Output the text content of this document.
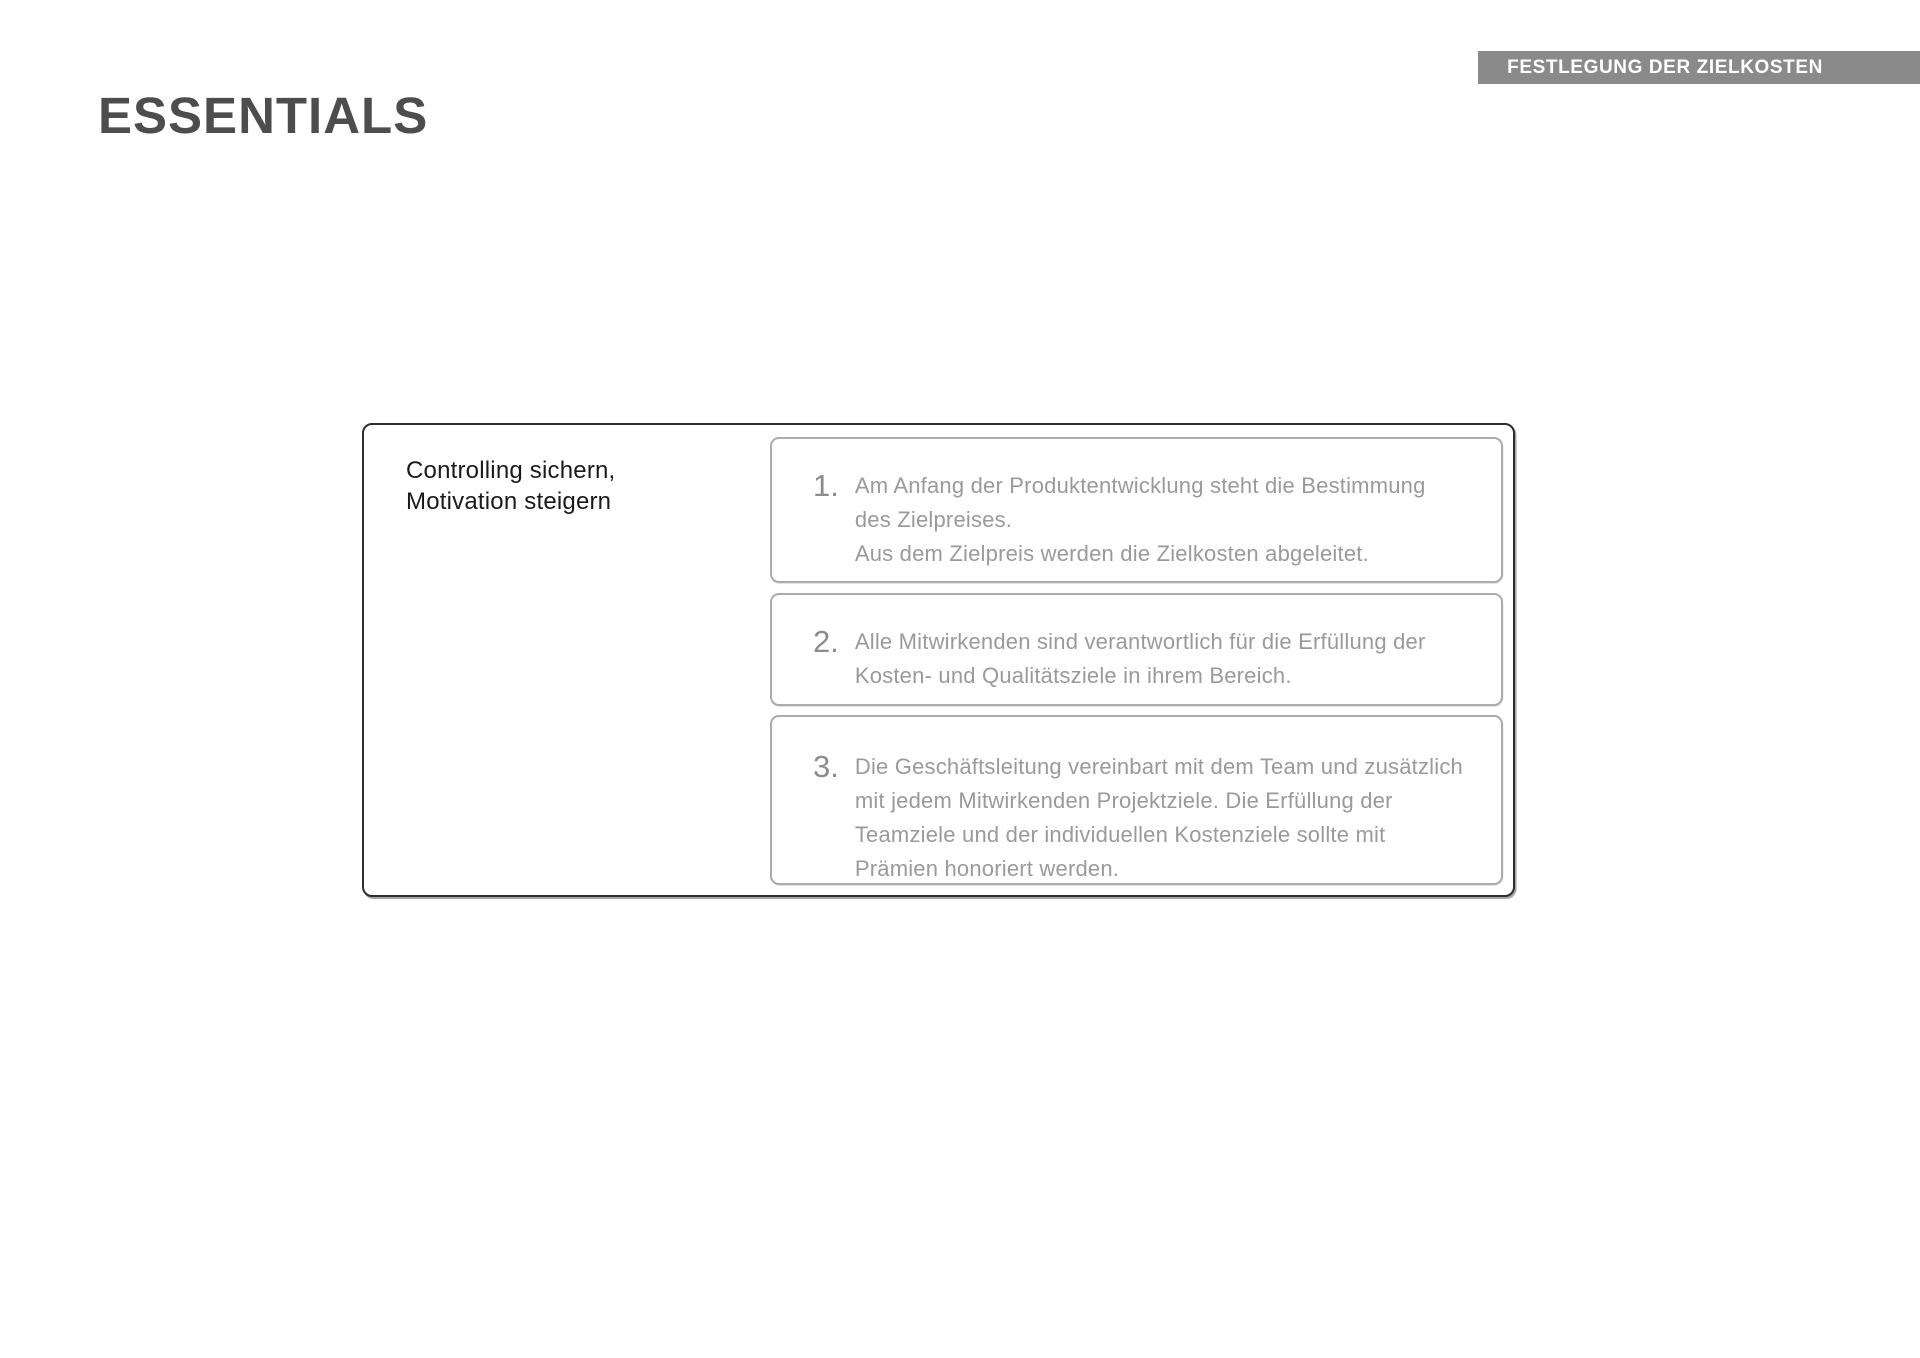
ESSENTIALS
FESTLEGUNG DER ZIELKOSTEN
Controlling sichern,
Motivation steigern	1. Am Anfang der Produktentwicklung steht die Bestimmung
des Zielpreises.
Aus dem Zielpreis werden die Zielkosten abgeleitet.
2. Alle Mitwirkenden sind verantwortlich für die Erfüllung der
Kosten- und Qualitätsziele in ihrem Bereich.
3. Die Geschäftsleitung vereinbart mit dem Team und zusätzlich
mit jedem Mitwirkenden Projektziele. Die Erfüllung der
Teamziele und der individuellen Kostenziele sollte mit
Prämien honoriert werden.
